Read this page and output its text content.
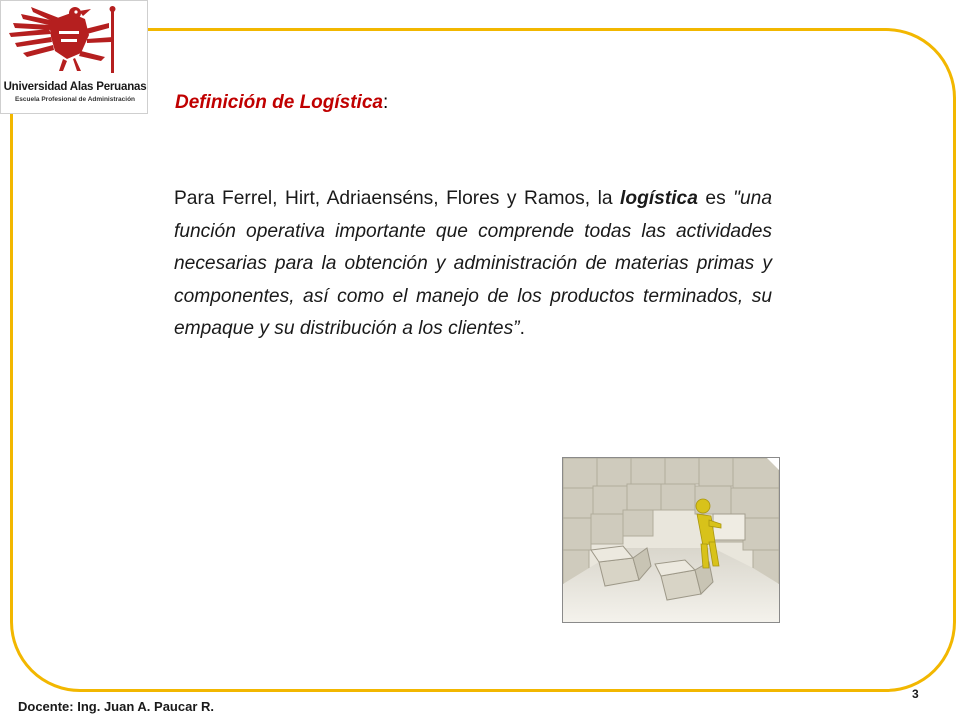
Universidad Alas Peruanas
Escuela Profesional de Administración	Definición de Logística:
Para Ferrel, Hirt, Adriaenséns, Flores y Ramos, la logística es "una función operativa importante que comprende todas las actividades necesarias para la obtención y administración de materias primas y componentes, así como el manejo de los productos terminados, su empaque y su distribución a los clientes”.
Docente: Ing. Juan A. Paucar R.
3
